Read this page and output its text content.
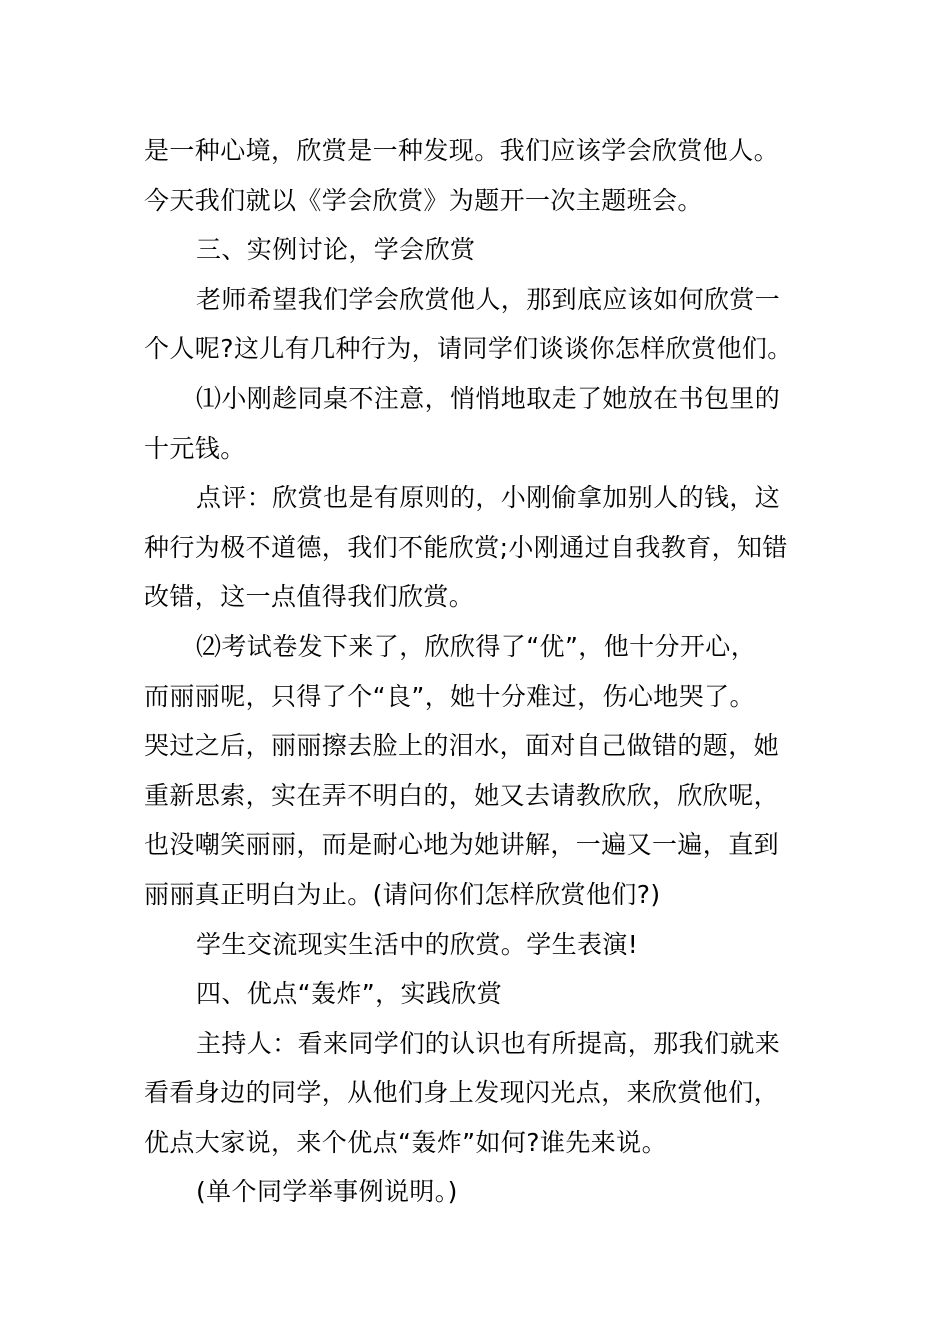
是一种心境，欣赏是一种发现。我们应该学会欣赏他人。
今天我们就以《学会欣赏》为题开一次主题班会。
三、实例讨论，学会欣赏
老师希望我们学会欣赏他人，那到底应该如何欣赏一
个人呢?这儿有几种行为，请同学们谈谈你怎样欣赏他们。
⑴小刚趁同桌不注意，悄悄地取走了她放在书包里的
十元钱。
点评：欣赏也是有原则的，小刚偷拿加别人的钱，这
种行为极不道德，我们不能欣赏;小刚通过自我教育，知错
改错，这一点值得我们欣赏。
⑵考试卷发下来了，欣欣得了“优”，他十分开心，
而丽丽呢，只得了个“良”，她十分难过，伤心地哭了。
哭过之后，丽丽擦去脸上的泪水，面对自己做错的题，她
重新思索，实在弄不明白的，她又去请教欣欣，欣欣呢，
也没嘲笑丽丽，而是耐心地为她讲解，一遍又一遍，直到
丽丽真正明白为止。(请问你们怎样欣赏他们?)
学生交流现实生活中的欣赏。学生表演!
四、优点“轰炸”，实践欣赏
主持人：看来同学们的认识也有所提高，那我们就来
看看身边的同学，从他们身上发现闪光点，来欣赏他们，
优点大家说，来个优点“轰炸”如何?谁先来说。
(单个同学举事例说明。)
